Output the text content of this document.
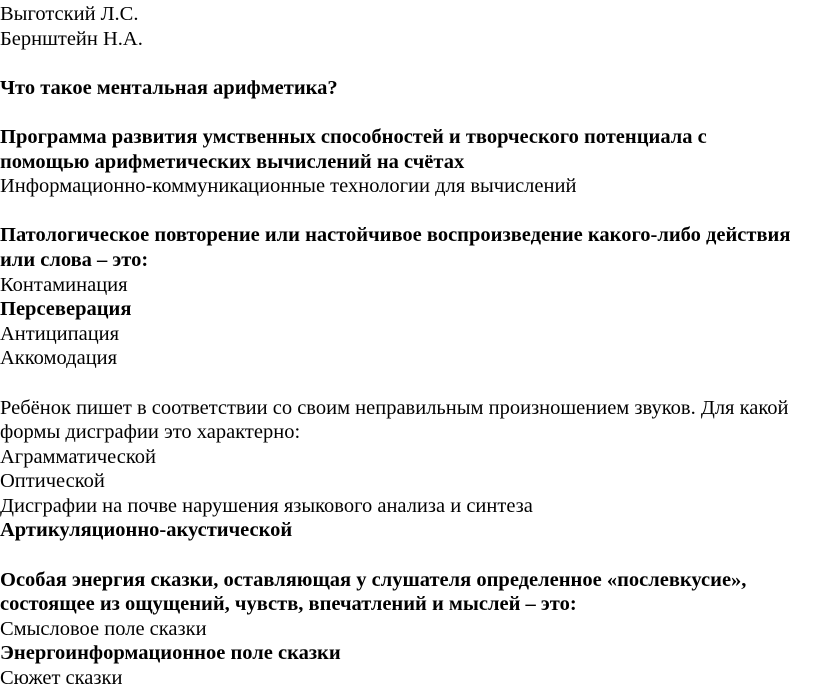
Выготский Л.С.
Бернштейн Н.А.
Что такое ментальная арифметика?
Программа развития умственных способностей и творческого потенциала с
помощью арифметических вычислений на счётах
Информационно-коммуникационные технологии для вычислений
Патологическое повторение или настойчивое воспроизведение какого-либо действия
или слова – это:
Контаминация
Персеверация
Антиципация
Аккомодация
Ребёнок пишет в соответствии со своим неправильным произношением звуков. Для какой
формы дисграфии это характерно:
Аграмматической
Оптической
Дисграфии на почве нарушения языкового анализа и синтеза
Артикуляционно-акустической
Особая энергия сказки, оставляющая у слушателя определенное «послевкусие»,
состоящее из ощущений, чувств, впечатлений и мыслей – это:
Смысловое поле сказки
Энергоинформационное поле сказки
Сюжет сказки
